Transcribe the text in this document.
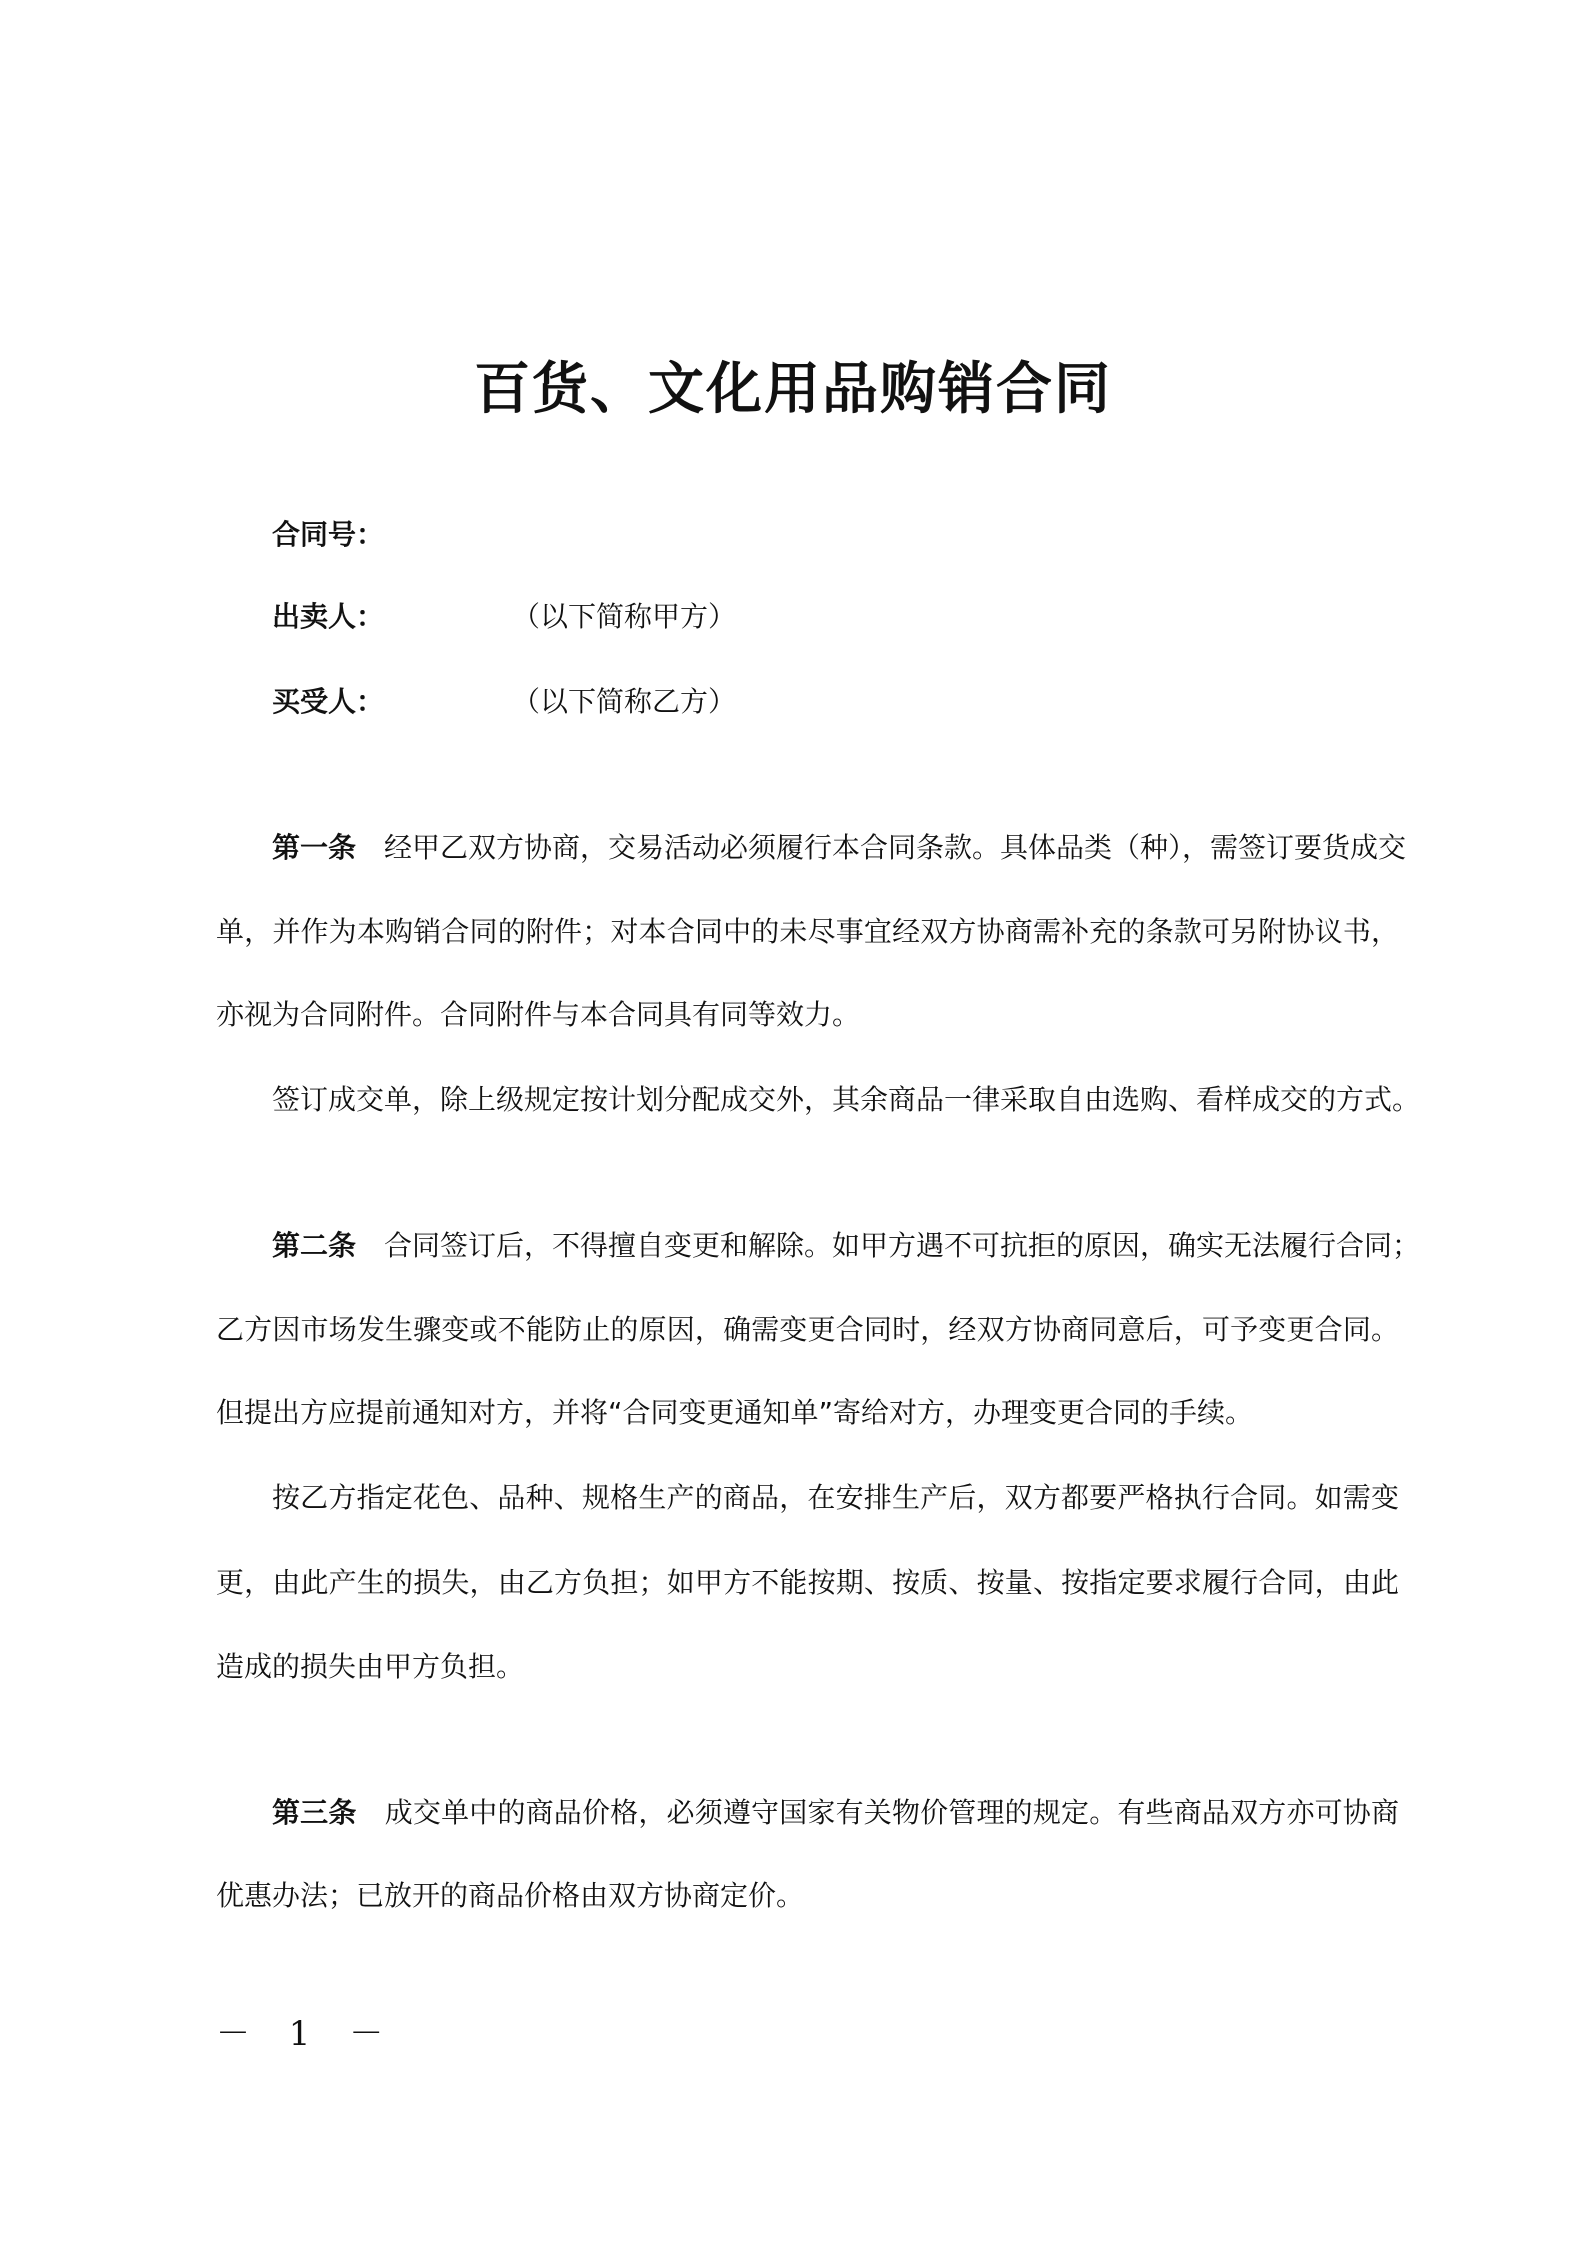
百货、文化用品购销合同
合同号：
出卖人：	（以下简称甲方）
买受人：	（以下简称乙方）
第一条 经甲乙双方协商，交易活动必须履行本合同条款。具体品类（种），需签订要货成交
单，并作为本购销合同的附件；对本合同中的未尽事宜经双方协商需补充的条款可另附协议书，
亦视为合同附件。合同附件与本合同具有同等效力。
签订成交单，除上级规定按计划分配成交外，其余商品一律采取自由选购、看样成交的方式。
第二条 合同签订后，不得擅自变更和解除。如甲方遇不可抗拒的原因，确实无法履行合同；
乙方因市场发生骤变或不能防止的原因，确需变更合同时，经双方协商同意后，可予变更合同。
但提出方应提前通知对方，并将“合同变更通知单”寄给对方，办理变更合同的手续。
按乙方指定花色、品种、规格生产的商品，在安排生产后，双方都要严格执行合同。如需变
更，由此产生的损失，由乙方负担；如甲方不能按期、按质、按量、按指定要求履行合同，由此
造成的损失由甲方负担。
第三条 成交单中的商品价格，必须遵守国家有关物价管理的规定。有些商品双方亦可协商
优惠办法；已放开的商品价格由双方协商定价。
－ 1 －
